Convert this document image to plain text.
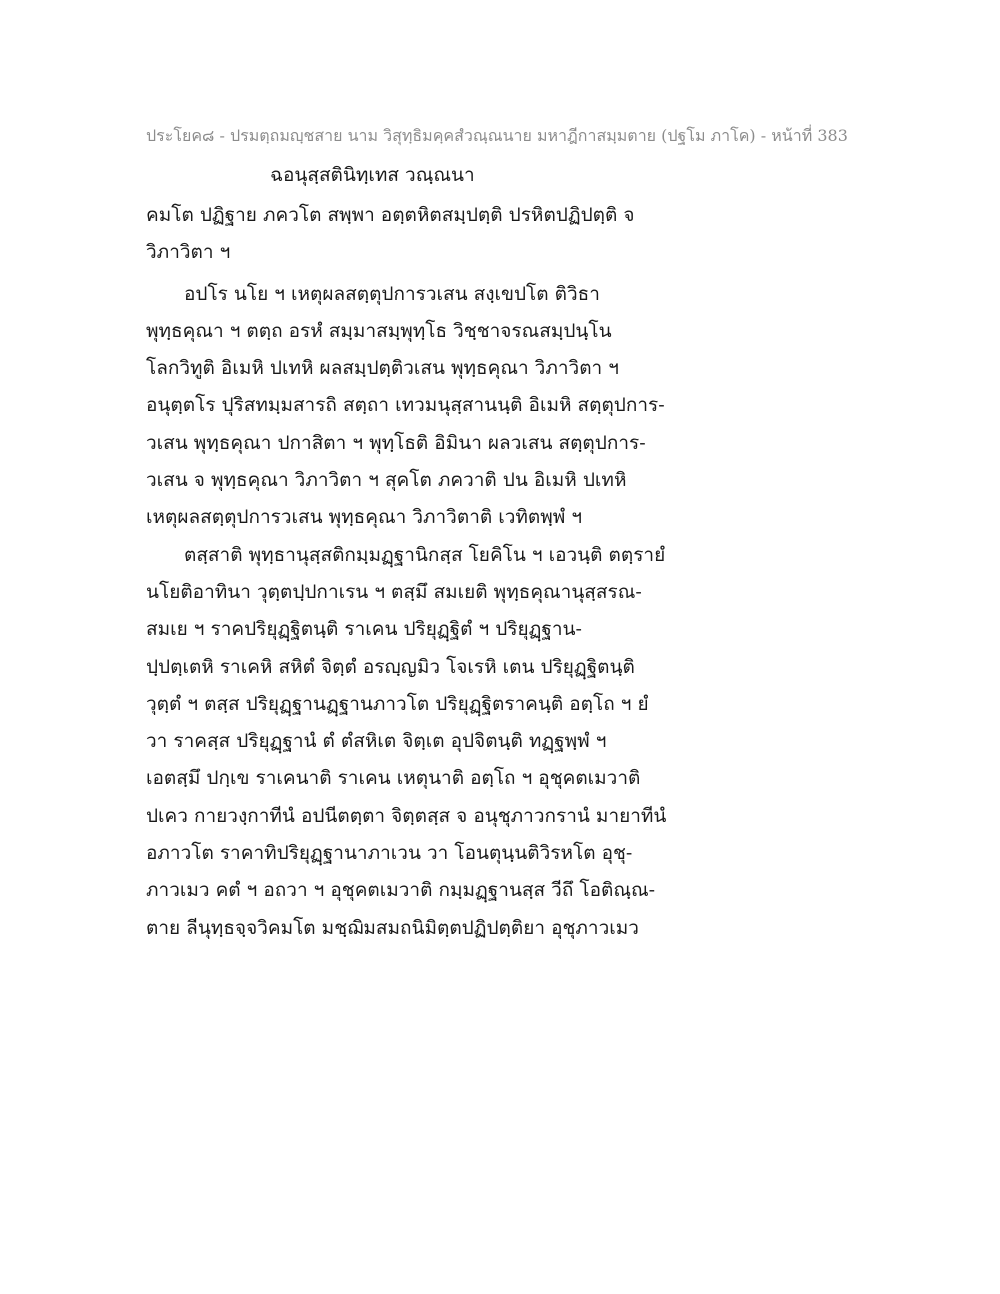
ประโยค๘ - ปรมตฺถมญฺชสาย นาม วิสุทฺธิมคฺคสํวณฺณนาย มหาฎีกาสมฺมตาย (ปฐโม ภาโค) - หน้าที่ 383
ฉอนุสฺสตินิทฺเทส วณฺณนา
คมโต ปฏิฐาย ภควโต สพฺพา อตฺตหิตสมฺปตฺติ ปรหิตปฏิปตฺติ จ
วิภาวิตา ฯ
อปโร นโย ฯ เหตุผลสตฺตุปการวเสน สงฺเขปโต ติวิธา
พุทฺธคุณา ฯ ตตฺถ อรหํ สมฺมาสมฺพุทฺโธ วิชฺชาจรณสมฺปนฺโน
โลกวิทูติ อิเมหิ ปเทหิ ผลสมฺปตฺติวเสน พุทฺธคุณา วิภาวิตา ฯ
อนุตฺตโร ปุริสทมฺมสารถิ สตฺถา เทวมนุสฺสานนฺติ อิเมหิ สตฺตุปการ-
วเสน พุทฺธคุณา ปกาสิตา ฯ พุทฺโธติ อิมินา ผลวเสน สตฺตุปการ-
วเสน จ พุทฺธคุณา วิภาวิตา ฯ สุคโต ภควาติ ปน อิเมหิ ปเทหิ
เหตุผลสตฺตุปการวเสน พุทฺธคุณา วิภาวิตาติ เวทิตพฺพํ ฯ
ตสฺสาติ พุทฺธานุสฺสติกมฺมฏฺฐานิกสฺส โยคิโน ฯ เอวนฺติ ตตฺรายํ
นโยติอาทินา วุตฺตปฺปกาเรน ฯ ตสฺมึ สมเยติ พุทฺธคุณานุสฺสรณ-
สมเย ฯ ราคปริยุฏฺฐิตนฺติ ราเคน ปริยุฏฺฐิตํ ฯ ปริยุฏฺฐาน-
ปฺปตฺเตหิ ราเคหิ สหิตํ จิตฺตํ อรญฺญมิว โจเรหิ เตน ปริยุฏฺฐิตนฺติ
วุตฺตํ ฯ ตสฺส ปริยุฏฺฐานฏฺฐานภาวโต ปริยุฏฺฐิตราคนฺติ อตฺโถ ฯ ยํ
วา ราคสฺส ปริยุฏฺฐานํ ตํ ตํสหิเต จิตฺเต อุปจิตนฺติ ทฏฺฐพฺพํ ฯ
เอตสฺมึ ปกฺเข ราเคนาติ ราเคน เหตุนาติ อตฺโถ ฯ อุชุคตเมวาติ
ปเคว กายวงฺกาทีนํ อปนีตตฺตา จิตฺตสฺส จ อนุชุภาวกรานํ มายาทีนํ
อภาวโต ราคาทิปริยุฏฺฐานาภาเวน วา โอนตุนฺนติวิรหโต อุชุ-
ภาวเมว คตํ ฯ อถวา ฯ อุชุคตเมวาติ กมฺมฏฺฐานสฺส วีถึ โอติณฺณ-
ตาย ลีนุทฺธจฺจวิคมโต มชฺฌิมสมถนิมิตฺตปฏิปตฺติยา อุชุภาวเมว
